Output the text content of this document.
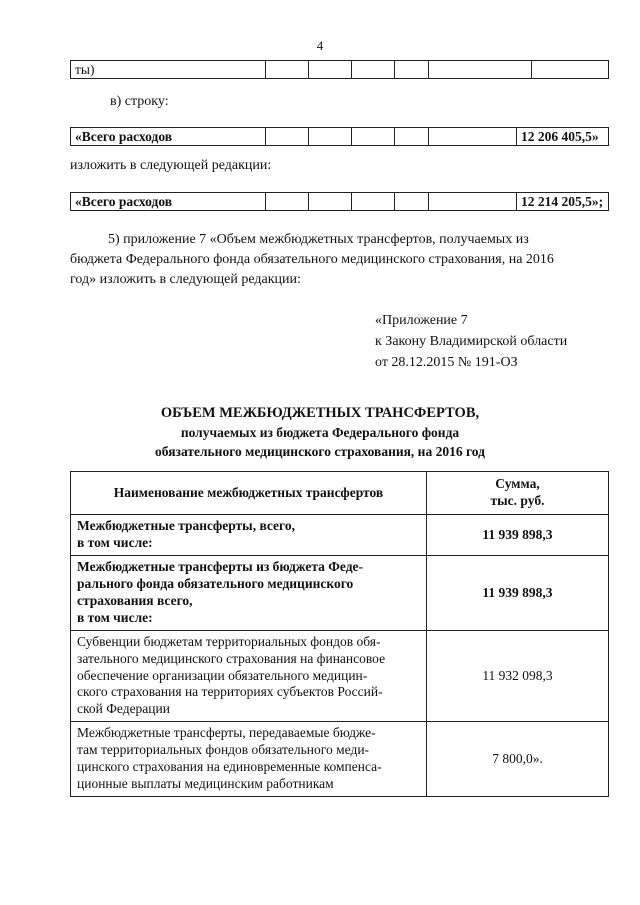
4
ты)						
в) строку:
«Всего расходов						12 206 405,5»
изложить в следующей редакции:
«Всего расходов						12 214 205,5»;
5) приложение 7 «Объем межбюджетных трансфертов, получаемых из
бюджета Федерального фонда обязательного медицинского страхования, на 2016
год» изложить в следующей редакции:
«Приложение 7
к Закону Владимирской области
от 28.12.2015 № 191-ОЗ
ОБЪЕМ МЕЖБЮДЖЕТНЫХ ТРАНСФЕРТОВ,
получаемых из бюджета Федерального фонда
обязательного медицинского страхования, на 2016 год
Наименование межбюджетных трансфертов	Сумма,
тыс. руб.

Межбюджетные трансферты, всего,
в том числе:	11 939 898,3

Межбюджетные трансферты из бюджета Феде-
рального фонда обязательного медицинского
страхования всего,
в том числе:	11 939 898,3

Субвенции бюджетам территориальных фондов обя-
зательного медицинского страхования на финансовое
обеспечение организации обязательного медицин-
ского страхования на территориях субъектов Россий-
ской Федерации	11 932 098,3

Межбюджетные трансферты, передаваемые бюдже-
там территориальных фондов обязательного меди-
цинского страхования на единовременные компенса-
ционные выплаты медицинским работникам	7 800,0».
